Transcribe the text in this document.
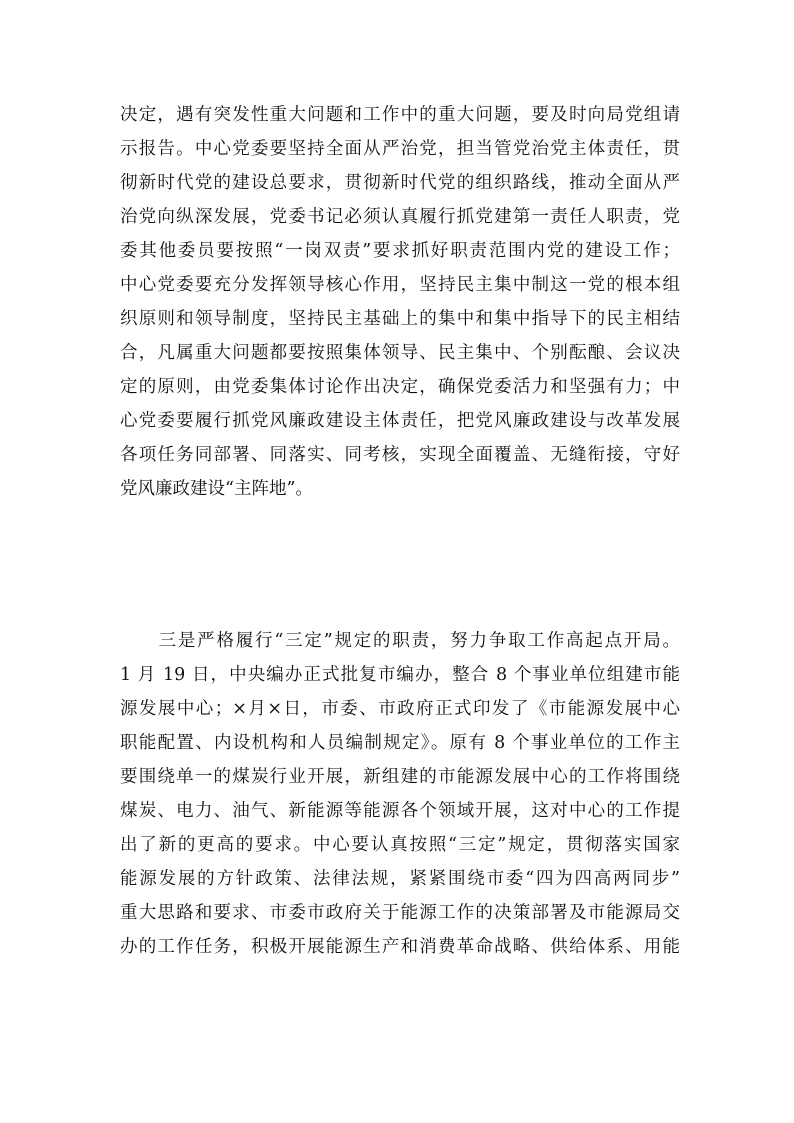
决定，遇有突发性重大问题和工作中的重大问题，要及时向局党组请
示报告。中心党委要坚持全面从严治党，担当管党治党主体责任，贯
彻新时代党的建设总要求，贯彻新时代党的组织路线，推动全面从严
治党向纵深发展，党委书记必须认真履行抓党建第一责任人职责，党
委其他委员要按照“一岗双责”要求抓好职责范围内党的建设工作；
中心党委要充分发挥领导核心作用，坚持民主集中制这一党的根本组
织原则和领导制度，坚持民主基础上的集中和集中指导下的民主相结
合，凡属重大问题都要按照集体领导、民主集中、个别酝酿、会议决
定的原则，由党委集体讨论作出决定，确保党委活力和坚强有力；中
心党委要履行抓党风廉政建设主体责任，把党风廉政建设与改革发展
各项任务同部署、同落实、同考核，实现全面覆盖、无缝衔接，守好
党风廉政建设“主阵地”。

　　三是严格履行“三定”规定的职责，努力争取工作高起点开局。
1 月 19 日，中央编办正式批复市编办，整合 8 个事业单位组建市能
源发展中心；×月×日，市委、市政府正式印发了《市能源发展中心
职能配置、内设机构和人员编制规定》。原有 8 个事业单位的工作主
要围绕单一的煤炭行业开展，新组建的市能源发展中心的工作将围绕
煤炭、电力、油气、新能源等能源各个领域开展，这对中心的工作提
出了新的更高的要求。中心要认真按照“三定”规定，贯彻落实国家
能源发展的方针政策、法律法规，紧紧围绕市委“四为四高两同步”
重大思路和要求、市委市政府关于能源工作的决策部署及市能源局交
办的工作任务，积极开展能源生产和消费革命战略、供给体系、用能
